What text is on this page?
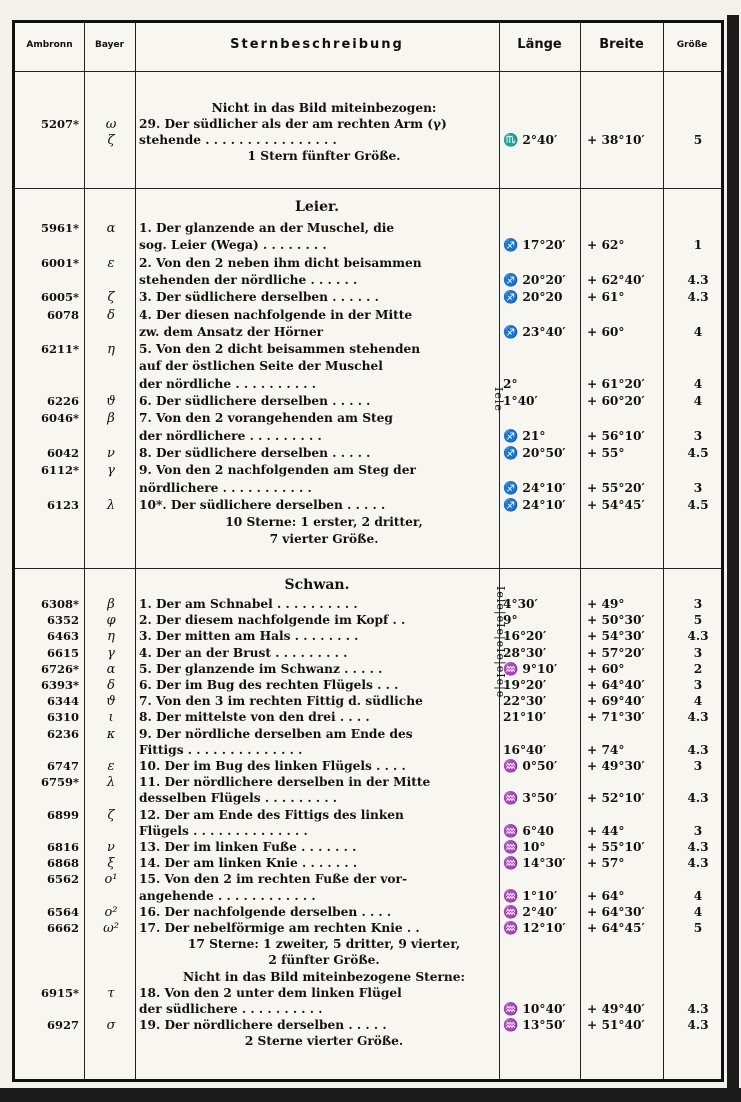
Ambronn	Bayer	Sternbeschreibung	Länge	Breite	Größe
Nicht in das Bild miteinbezogen:
5207*	ω	29. Der südlicher als der am rechten Arm (γ)
ζ	stehende . . . . . . . . . . . . . . . .	♏ 2°40′	+ 38°10′	5
1 Stern fünfter Größe.
Leier.
5961*	α	1. Der glanzende an der Muschel, die
sog. Leier (Wega) . . . . . . . .	♐ 17°20′	+ 62°	1
6001*	ε	2. Von den 2 neben ihm dicht beisammen
stehenden der nördliche . . . . . .	♐ 20°20′	+ 62°40′	4.3
6005*	ζ	3. Der südlichere derselben . . . . . .	♐ 20°20	+ 61°	4.3
6078	δ	4. Der diesen nachfolgende in der Mitte
zw. dem Ansatz der Hörner	♐ 23°40′	+ 60°	4
6211*	η	5. Von den 2 dicht beisammen stehenden
auf der östlichen Seite der Muschel
der nördliche . . . . . . . . . .	2°	+ 61°20′	4
6226	ϑ	6. Der südlichere derselben . . . . .	1°40′	+ 60°20′	4
6046*	β	7. Von den 2 vorangehenden am Steg
der nördlichere . . . . . . . . .	♐ 21°	+ 56°10′	3
6042	ν	8. Der südlichere derselben . . . . .	♐ 20°50′	+ 55°	4.5
6112*	γ	9. Von den 2 nachfolgenden am Steg der
nördlichere . . . . . . . . . . .	♐ 24°10′	+ 55°20′	3
6123	λ	10*. Der südlichere derselben . . . . .	♐ 24°10′	+ 54°45′	4.5
10 Sterne: 1 erster, 2 dritter,
7 vierter Größe.
Schwan.
6308*	β	1. Der am Schnabel . . . . . . . . . .	4°30′	+ 49°	3
6352	φ	2. Der diesem nachfolgende im Kopf . .	9°	+ 50°30′	5
6463	η	3. Der mitten am Hals . . . . . . . .	16°20′	+ 54°30′	4.3
6615	γ	4. Der an der Brust . . . . . . . . .	28°30′	+ 57°20′	3
6726*	α	5. Der glanzende im Schwanz . . . . .	♒ 9°10′	+ 60°	2
6393*	δ	6. Der im Bug des rechten Flügels . . .	19°20′	+ 64°40′	3
6344	ϑ	7. Von den 3 im rechten Fittig d. südliche	22°30′	+ 69°40′	4
6310	ι	8. Der mittelste von den drei . . . .	21°10′	+ 71°30′	4.3
6236	κ	9. Der nördliche derselben am Ende des
Fittigs . . . . . . . . . . . . . .	16°40′	+ 74°	4.3
6747	ε	10. Der im Bug des linken Flügels . . . .	♒ 0°50′	+ 49°30′	3
6759*	λ	11. Der nördlichere derselben in der Mitte
desselben Flügels . . . . . . . . .	♒ 3°50′	+ 52°10′	4.3
6899	ζ	12. Der am Ende des Fittigs des linken
Flügels . . . . . . . . . . . . . .	♒ 6°40	+ 44°	3
6816	ν	13. Der im linken Fuße . . . . . . .	♒ 10°	+ 55°10′	4.3
6868	ξ	14. Der am linken Knie . . . . . . .	♒ 14°30′	+ 57°	4.3
6562	o¹	15. Von den 2 im rechten Fuße der vor-
angehende . . . . . . . . . . . .	♒ 1°10′	+ 64°	4
6564	o²	16. Der nachfolgende derselben . . . .	♒ 2°40′	+ 64°30′	4
6662	ω²	17. Der nebelförmige am rechten Knie . .	♒ 12°10′	+ 64°45′	5
17 Sterne: 1 zweiter, 5 dritter, 9 vierter,
2 fünfter Größe.
Nicht in das Bild miteinbezogene Sterne:
6915*	τ	18. Von den 2 unter dem linken Flügel
der südlichere . . . . . . . . . .	♒ 10°40′	+ 49°40′	4.3
6927	σ	19. Der nördlichere derselben . . . . .	♒ 13°50′	+ 51°40′	4.3
2 Sterne vierter Größe.
Iele
Iele|eIe|eIe|eIe|e
